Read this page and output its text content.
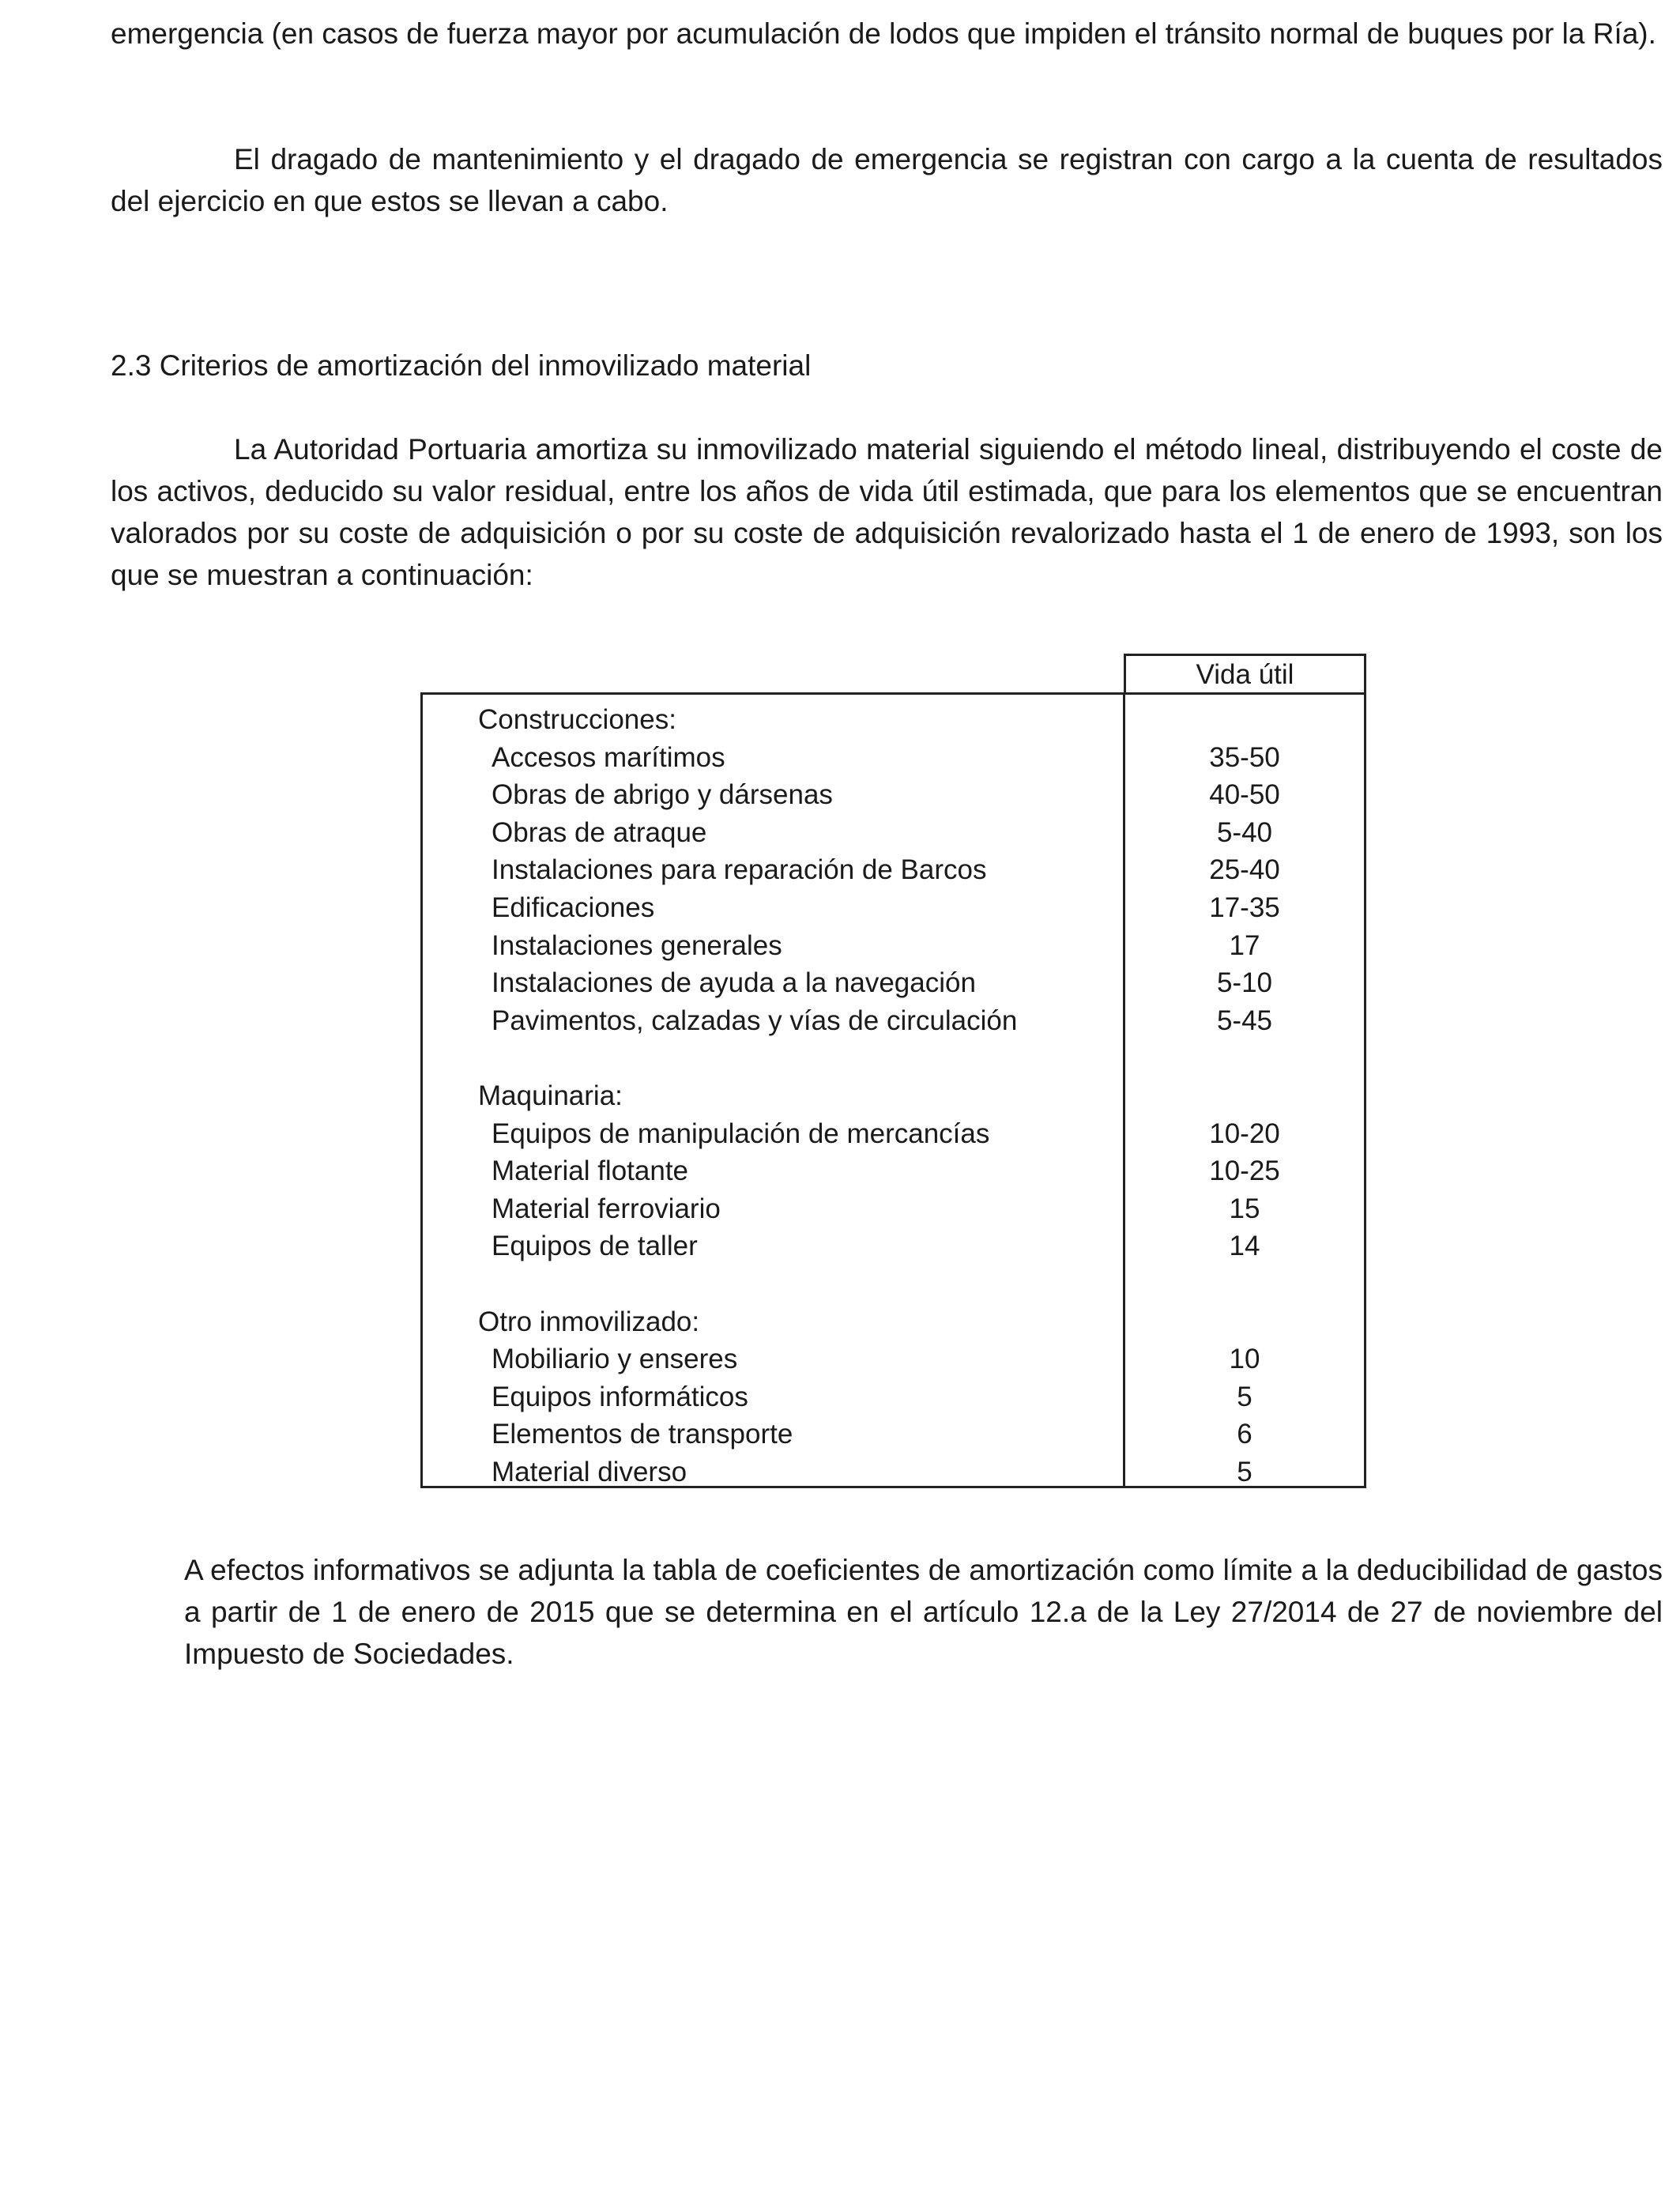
emergencia (en casos de fuerza mayor por acumulación de lodos que impiden el tránsito normal de buques por la Ría).

El dragado de mantenimiento y el dragado de emergencia se registran con cargo a la cuenta de resultados del ejercicio en que estos se llevan a cabo.

2.3 Criterios de amortización del inmovilizado material

La Autoridad Portuaria amortiza su inmovilizado material siguiendo el método lineal, distribuyendo el coste de los activos, deducido su valor residual, entre los años de vida útil estimada, que para los elementos que se encuentran valorados por su coste de adquisición o por su coste de adquisición revalorizado hasta el 1 de enero de 1993, son los que se muestran a continuación:

Vida útil
Construcciones:
Accesos marítimos	35-50
Obras de abrigo y dársenas	40-50
Obras de atraque	5-40
Instalaciones para reparación de Barcos	25-40
Edificaciones	17-35
Instalaciones generales	17
Instalaciones de ayuda a la navegación	5-10
Pavimentos, calzadas y vías de circulación	5-45
Maquinaria:
Equipos de manipulación de mercancías	10-20
Material flotante	10-25
Material ferroviario	15
Equipos de taller	14
Otro inmovilizado:
Mobiliario y enseres	10
Equipos informáticos	5
Elementos de transporte	6
Material diverso	5

A efectos informativos se adjunta la tabla de coeficientes de amortización como límite a la deducibilidad de gastos a partir de 1 de enero de 2015 que se determina en el artículo 12.a de la Ley 27/2014 de 27 de noviembre del Impuesto de Sociedades.
